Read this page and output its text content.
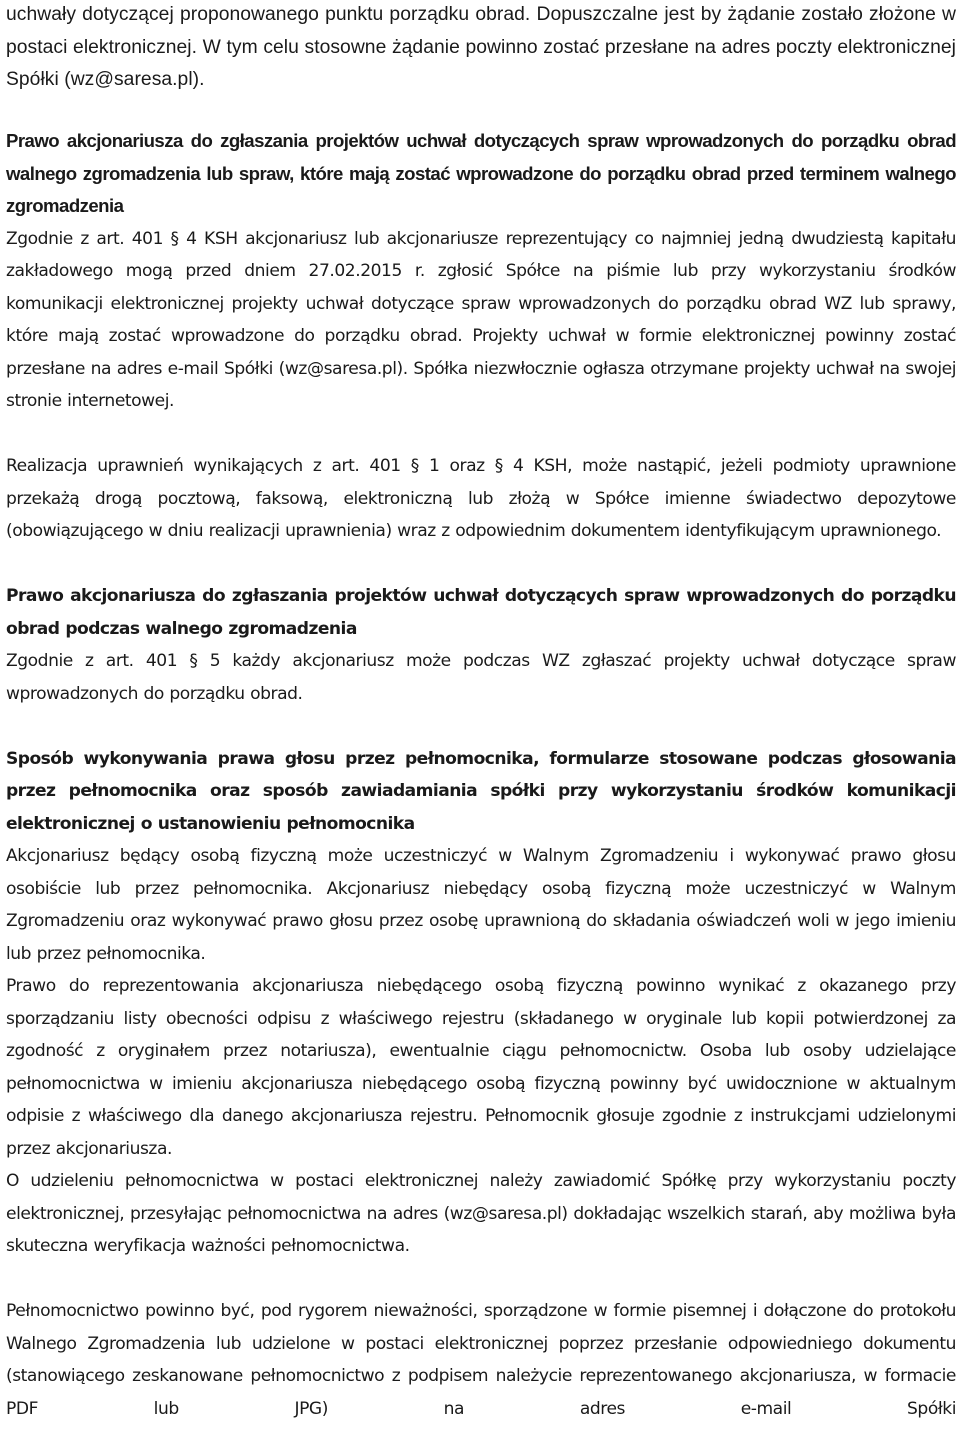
uchwały dotyczącej proponowanego punktu porządku obrad. Dopuszczalne jest by żądanie zostało złożone w postaci elektronicznej. W tym celu stosowne żądanie powinno zostać przesłane na adres poczty elektronicznej Spółki (wz@saresa.pl).

Prawo akcjonariusza do zgłaszania projektów uchwał dotyczących spraw wprowadzonych do porządku obrad walnego zgromadzenia lub spraw, które mają zostać wprowadzone do porządku obrad przed terminem walnego zgromadzenia

Zgodnie z art. 401 § 4 KSH akcjonariusz lub akcjonariusze reprezentujący co najmniej jedną dwudziestą kapitału zakładowego mogą przed dniem 27.02.2015 r. zgłosić Spółce na piśmie lub przy wykorzystaniu środków komunikacji elektronicznej projekty uchwał dotyczące spraw wprowadzonych do porządku obrad WZ lub sprawy, które mają zostać wprowadzone do porządku obrad. Projekty uchwał w formie elektronicznej powinny zostać przesłane na adres e-mail Spółki (wz@saresa.pl). Spółka niezwłocznie ogłasza otrzymane projekty uchwał na swojej stronie internetowej.

Realizacja uprawnień wynikających z art. 401 § 1 oraz § 4 KSH, może nastąpić, jeżeli podmioty uprawnione przekażą drogą pocztową, faksową, elektroniczną lub złożą w Spółce imienne świadectwo depozytowe (obowiązującego w dniu realizacji uprawnienia) wraz z odpowiednim dokumentem identyfikującym uprawnionego.

Prawo akcjonariusza do zgłaszania projektów uchwał dotyczących spraw wprowadzonych do porządku obrad podczas walnego zgromadzenia

Zgodnie z art. 401 § 5 każdy akcjonariusz może podczas WZ zgłaszać projekty uchwał dotyczące spraw wprowadzonych do porządku obrad.

Sposób wykonywania prawa głosu przez pełnomocnika, formularze stosowane podczas głosowania przez pełnomocnika oraz sposób zawiadamiania spółki przy wykorzystaniu środków komunikacji elektronicznej o ustanowieniu pełnomocnika

Akcjonariusz będący osobą fizyczną może uczestniczyć w Walnym Zgromadzeniu i wykonywać prawo głosu osobiście lub przez pełnomocnika. Akcjonariusz niebędący osobą fizyczną może uczestniczyć w Walnym Zgromadzeniu oraz wykonywać prawo głosu przez osobę uprawnioną do składania oświadczeń woli w jego imieniu lub przez pełnomocnika.

Prawo do reprezentowania akcjonariusza niebędącego osobą fizyczną powinno wynikać z okazanego przy sporządzaniu listy obecności odpisu z właściwego rejestru (składanego w oryginale lub kopii potwierdzonej za zgodność z oryginałem przez notariusza), ewentualnie ciągu pełnomocnictw. Osoba lub osoby udzielające pełnomocnictwa w imieniu akcjonariusza niebędącego osobą fizyczną powinny być uwidocznione w aktualnym odpisie z właściwego dla danego akcjonariusza rejestru. Pełnomocnik głosuje zgodnie z instrukcjami udzielonymi przez akcjonariusza.

O udzieleniu pełnomocnictwa w postaci elektronicznej należy zawiadomić Spółkę przy wykorzystaniu poczty elektronicznej, przesyłając pełnomocnictwa na adres (wz@saresa.pl) dokładając wszelkich starań, aby możliwa była skuteczna weryfikacja ważności pełnomocnictwa.

Pełnomocnictwo powinno być, pod rygorem nieważności, sporządzone w formie pisemnej i dołączone do protokołu Walnego Zgromadzenia lub udzielone w postaci elektronicznej poprzez przesłanie odpowiedniego dokumentu (stanowiącego zeskanowane pełnomocnictwo z podpisem należycie reprezentowanego akcjonariusza, w formacie PDF lub JPG) na adres e-mail Spółki
